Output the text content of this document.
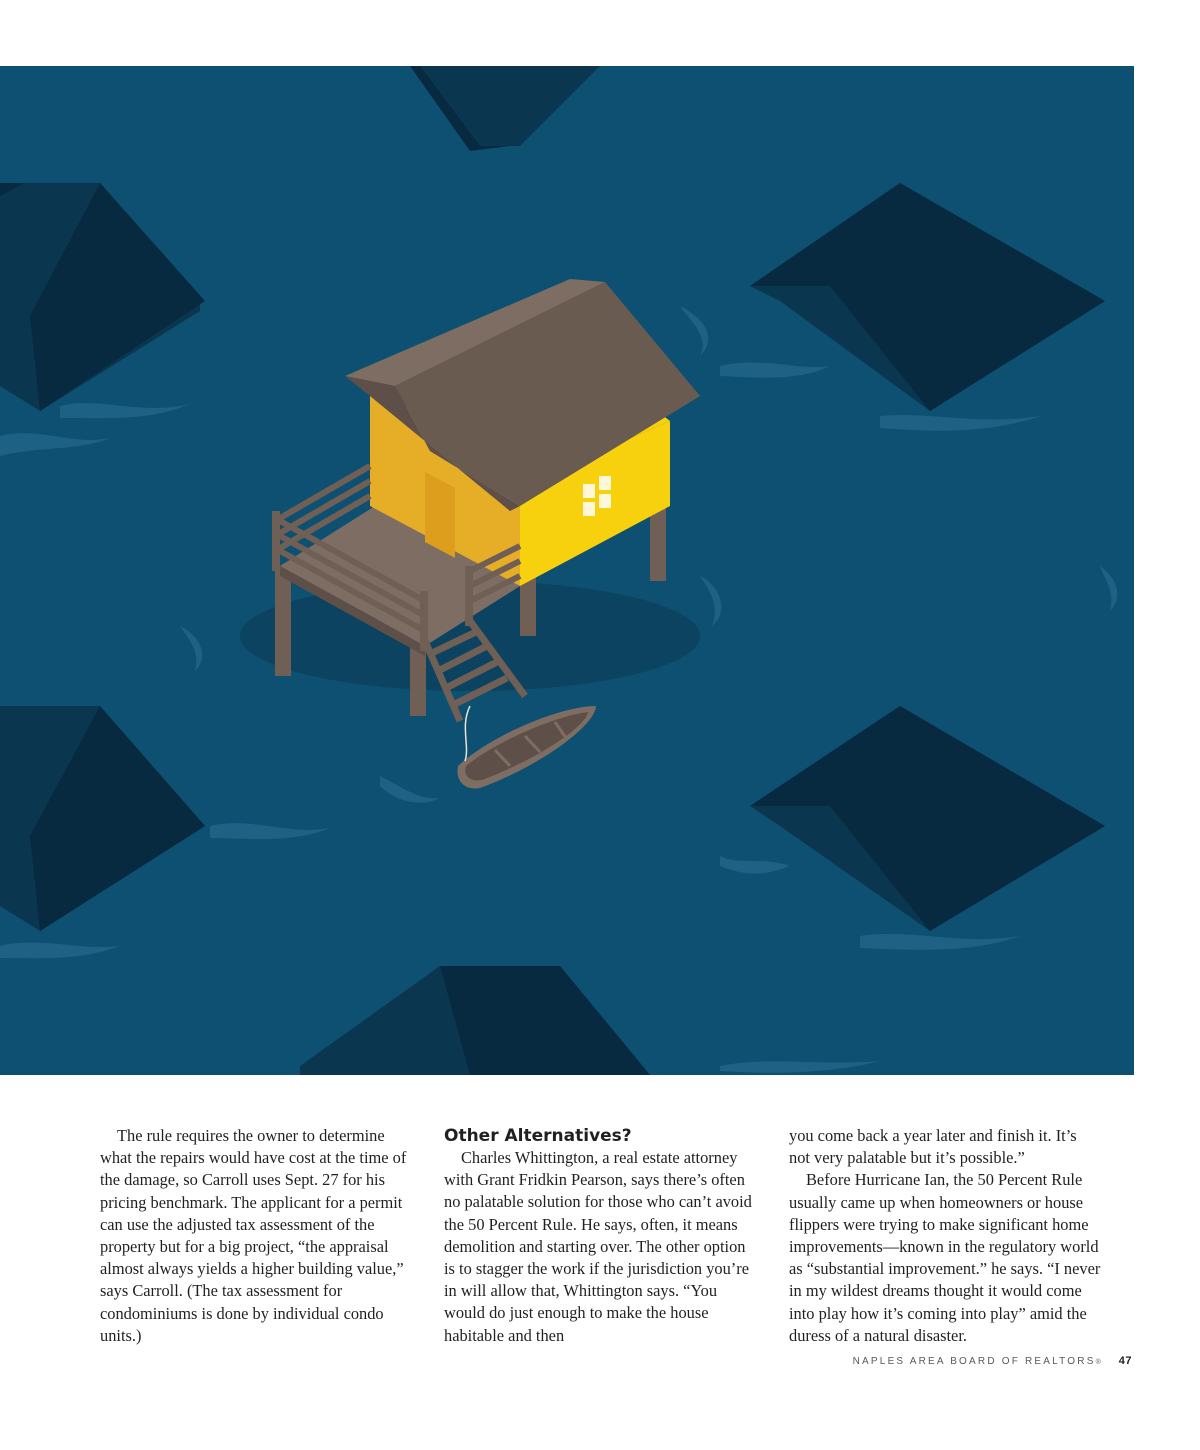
The rule requires the owner to determine what the repairs would have cost at the time of the damage, so Carroll uses Sept. 27 for his pricing benchmark. The applicant for a permit can use the adjusted tax assessment of the property but for a big project, “the appraisal almost always yields a higher building value,” says Carroll. (The tax assessment for condominiums is done by individual condo units.)

Other Alternatives?

Charles Whittington, a real estate attorney with Grant Fridkin Pearson, says there’s often no palatable solution for those who can’t avoid the 50 Percent Rule. He says, often, it means demolition and starting over. The other option is to stagger the work if the jurisdiction you’re in will allow that, Whittington says. “You would do just enough to make the house habitable and then

you come back a year later and finish it. It’s not very palatable but it’s possible.”

Before Hurricane Ian, the 50 Percent Rule usually came up when homeowners or house flippers were trying to make significant home improvements—known in the regulatory world as “substantial improvement.” he says. “I never in my wildest dreams thought it would come into play how it’s coming into play” amid the duress of a natural disaster.

NAPLES AREA BOARD OF REALTORS ® 47
